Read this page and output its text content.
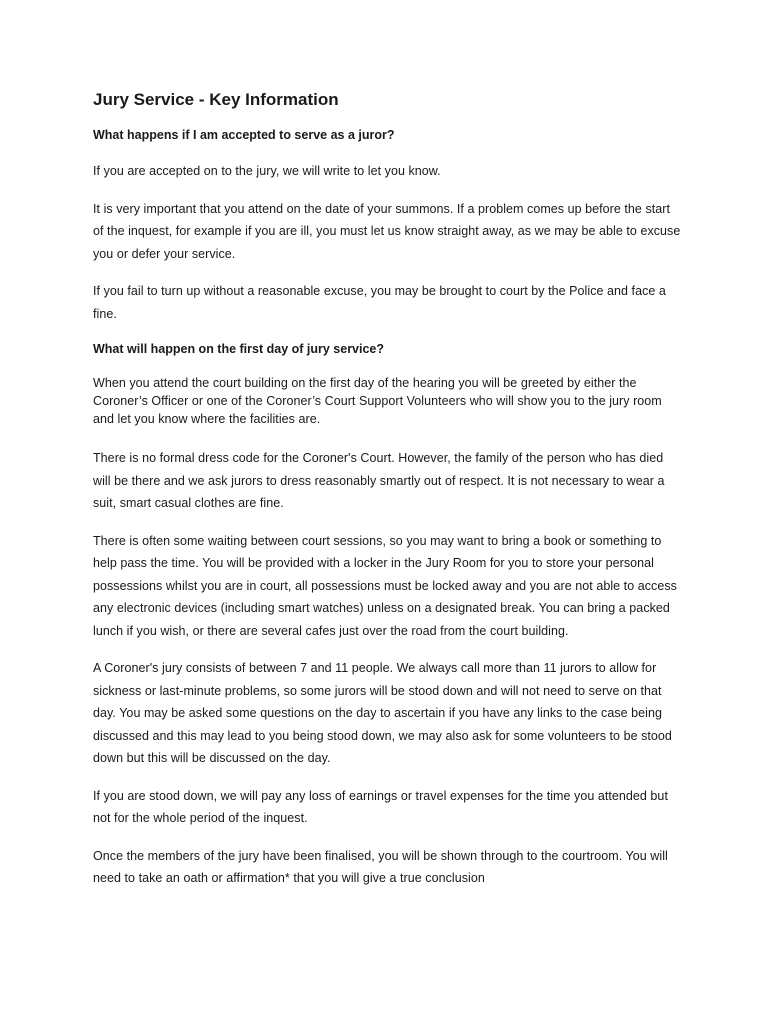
Jury Service - Key Information
What happens if I am accepted to serve as a juror?

If you are accepted on to the jury, we will write to let you know.

It is very important that you attend on the date of your summons. If a problem comes up before the start of the inquest, for example if you are ill, you must let us know straight away, as we may be able to excuse you or defer your service.

If you fail to turn up without a reasonable excuse, you may be brought to court by the Police and face a fine.

What will happen on the first day of jury service?

When you attend the court building on the first day of the hearing you will be greeted by either the Coroner’s Officer or one of the Coroner’s Court Support Volunteers who will show you to the jury room and let you know where the facilities are.

There is no formal dress code for the Coroner's Court. However, the family of the person who has died will be there and we ask jurors to dress reasonably smartly out of respect. It is not necessary to wear a suit, smart casual clothes are fine.

There is often some waiting between court sessions, so you may want to bring a book or something to help pass the time. You will be provided with a locker in the Jury Room for you to store your personal possessions whilst you are in court, all possessions must be locked away and you are not able to access any electronic devices (including smart watches) unless on a designated break. You can bring a packed lunch if you wish, or there are several cafes just over the road from the court building.

A Coroner's jury consists of between 7 and 11 people. We always call more than 11 jurors to allow for sickness or last-minute problems, so some jurors will be stood down and will not need to serve on that day. You may be asked some questions on the day to ascertain if you have any links to the case being discussed and this may lead to you being stood down, we may also ask for some volunteers to be stood down but this will be discussed on the day.

If you are stood down, we will pay any loss of earnings or travel expenses for the time you attended but not for the whole period of the inquest.

Once the members of the jury have been finalised, you will be shown through to the courtroom. You will need to take an oath or affirmation* that you will give a true conclusion
